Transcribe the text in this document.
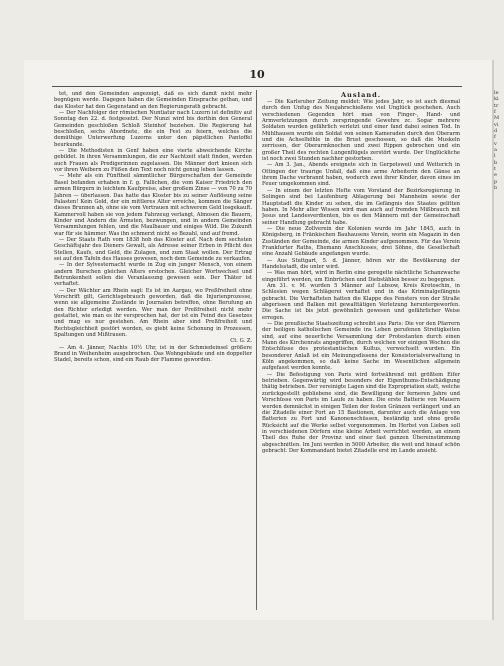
10

tet, und den Gemeinden angezeigt, daß es sich damit nicht mehr begnügen werde. Dagegen haben die Gemeinden Einsprache gethan, und das Kloster hat den Gegenstand an den Regierungsrath gebracht.

— Der Nachfolger der römischen Nuntiatur nach Luzern ist definitiv auf Sonntag den 22. d. festgesetzt. Der Nunzi wird bis dorthin den General Gemeinden geschloßen Schloß Steinhof beziehen. Die Regierung hat beschloßen, sechs Abordnete, die ein Fest zu feiern, welches die demüthige Unterwerfung Luzerns unter den päpstlichen Pantoffel beurkunde.

— Die Methodisten in Genf haben eine vierte abweichende Kirche gebildet. In ihren Versammlungen, die zur Nachtzeit statt finden, werden auch Frauen als Predigerinnen zugelassen. Die Männer dort knieen sich vor ihren Weibern zu Füßen den Text noch nicht genug leben lassen.

— Mehr als ein Fünftheil sämmtlicher Bürgerschaften der Gemeinde Basel befanden erhaben in f. g. Fallichen, die vom Kaiser Friedrich den armen Bürgern in leichtem Kaufpreise, aber großem Zinse — von 70 zu 70 Jahren — überlassen. Das hatte das Kloster bis zu seiner Auflösung seine Palasten! Kein Gold, der ein mittleres Alter erreiche, kommen die Sänger dieses Brunnen ab, ohne sie vom Vertrauen mit schwerem Geld losgekauft. Kammervoll haben sie von jedem Fahrzeug verlangt, Almosen die Bauern, Kinder und Andern die Ärmsten, bezwungen, und in andern Gemeinden Versammlungen fehlen, und die Maulbauer und einiges Wild. Die Zukunft war für sie hämmer. Was ihn schmerzt nicht so Bezahl, und auf fremd.

— Der Staats Rath vom 1838 hob das Kloster auf. Nach dem sechsten Geschäftsjahr des Dieners Gewalt, als Adresse seiner Erben in Pflicht des Stellen, Kaufs, und Geld, die Zulagen, und zum Staat wollen. Der Ertrag sei auf den Tafeln des Hauses gewesen, noch dem Gemeinde zu verkaufen.

— In der Sylvesternacht wurde in Zug ein junger Mensch, von einem andern Burschen gleichen Alters erstochen. Gleicher Wortwechsel und Betrunkenheit sollen die Veranlassung gewesen sein. Der Thäter ist verhaftet.

— Der Wächter am Rhein sagt: Es ist im Aargau, wo Preßfreiheit ohne Vorschrift gilt, Gerichtsgebrauch geworden, daß die Injurienprozesse, wenn sie allgemeine Zustände in Journalen betreffen, ohne Berufung an den Richter erledigt werden. Wer man der Preßfreiheit nicht mehr gestattet, wie man es ihr versprochen hat, der ist ein Feind des Gesetzes und mag es nur gestehen. Am Rhein aber sind Preßfreiheit und Rechtsgleichheit gestört worden, es giebt keine Schonung in Prozessen, Spaltungen und Mißtrauen.

Ct. G. Z.

— Am 4. Jänner, Nachts 10½ Uhr, ist in der Schmiedeinsel größere Brand in Weihenheim ausgebrochen. Das Wohngebäude und ein doppelter Stadel, bereits schon, sind ein Raub der Flamme geworden.

Ausland.

— Die Karlsruher Zeitung meldet: Wie jedes Jahr, so ist auch diesmal durch den Unfug des Neujahrschießens viel Unglück geschehen. Auch verschiedenen Gegenden hört man von Finger-, Hand- und Armverletzungen durch zerspringende Gewehre zc. Sogar mehrere Soldaten wurden gefährlich verletzt und einer fand dabei seinen Tod. In Mühlhausen wurde ein Soldat von seinen Kameraden durch den Oberarm und die Achselhöhle in die Brust geschossen, so daß die Muskeln zerrissen, der Oberarmknochen und zwei Rippen gebrochen und ein großer Theil des rechten Lungenflügels zerstört wurde. Der Unglückliche ist noch zwei Stunden nachher gestorben.

— Am 3. Jan., Abends ereignete sich in Gerpotsweil und Wetterich in Ottingen der traurige Unfall, daß eine arme Arbeiterin den Gänse an ihrem Dache verbrannt haben, wodurch zwei ihrer Kinder, davon eines im Feuer umgekommen sind.

— In einem der letzten Hefte vom Vorstand der Bezirksregierung in Solingen sind bei Laufenburg Ablagerung bei Mannheim sowie der Hauptstadt die Kinder zu sehen, die im Gefängnis des Staates gelitten haben. In Mehr aller Wissen wird man auch auf fremden Mißbrauch mit Jesus und Landesverdienten, bis es den Männern mit der Gemeinschaft seiner Handlung gebracht habe.

— Die neue Zollverein der Kolonien wurde im Jahr 1845, auch in Königsberg, in Fränkischen Bauhausens Verein, worin ein Magazin in den Zuständen der Gemeinde, die armen Kinder aufgenommen. Für das Verein Frankfurter Raths, Ehemann Anschlusses, drei Söhne, die Gesellschaft eine Anzahl Gebäude angefangen wurde.

— Aus Stuttgart, 5. d. Jänner, hören wir die Bevölkerung der Handelsstadt, die unter wird.

— Was man hört, wird in Berlin eine geregelte nächtliche Schanzwache eingeführt werden, um Einbrüchen und Diebstählen besser zu begegnen.

Am 31. v. M. wurden 5 Männer auf Lubsow, Kreis Krotoschin, in Schlesien wegen Schlägerei verhaftet und in das Kriminalgefängnis gebracht. Die Verhafteten hatten die Klappe des Fensters von der Straße abgerissen und Balken mit gewalttätigen Verletzung heruntergeworfen. Die Sache ist bis jetzt gewöhnlich gewesen und gefährlicher Weise erregen.

— Die preußische Staatszeitung schreibt aus Paris: Die vor den Pfarrern der heiligen katholischen Gemeinde ins Leben gerufenen Streitigkeiten sind, auf eine neuerliche Versammlung der Protestanten durch einen Mann des Kirchenrats angegriffen, durch welchen vor einigen Wochen die Entschlüsse des protestantischen Kultus, verwechselt wurden. Ein besonderer Anlaß ist ein Meinungsdissens der Konsistorialverwaltung in Köln angekommen, so daß keine Sache im Wesentlichen allgemein aufgefasst werden konnte.

— Die Befestigung von Paris wird fortwährend mit größtem Eifer betrieben. Gegenwärtig wird besonders der Eigenthums-Entschädigung thätig betrieben. Der vereinigte Lagen sind die Expropriation statt, welche zurückgestellt gebliebene sind, die Bewilligung der ferneren Jahre und Vorschüsse von Paris im Laufe zu haben. Die erste Batterie von Mauern werden demnächst in einigen Teilen der festen Gränzen verlängert und an die Zitadelle einer Fort an 15 Bastionen, darunter auch die Anlage von Batterien zu Fort und Kanonenschüssen, beständig und ohne große Rücksicht auf die Werke selbst vorgenommen. Im Herbst von Lieben soll in verschiedenen Dörfern eine kleine Arbeit verrichtet werden, an einem Theil des Ruhe der Provinz und einer fast ganzen Übereinstimmung abgeschnitten. Im Juni werden in 5000 Arbeiter, die weit und hinauf schön gebracht. Der Kommandant bietet Zitadelle erst im Lande ansieht.

le
ki
tr
f
M
vi
d
f
v
a
l
b
t
e
p
b
